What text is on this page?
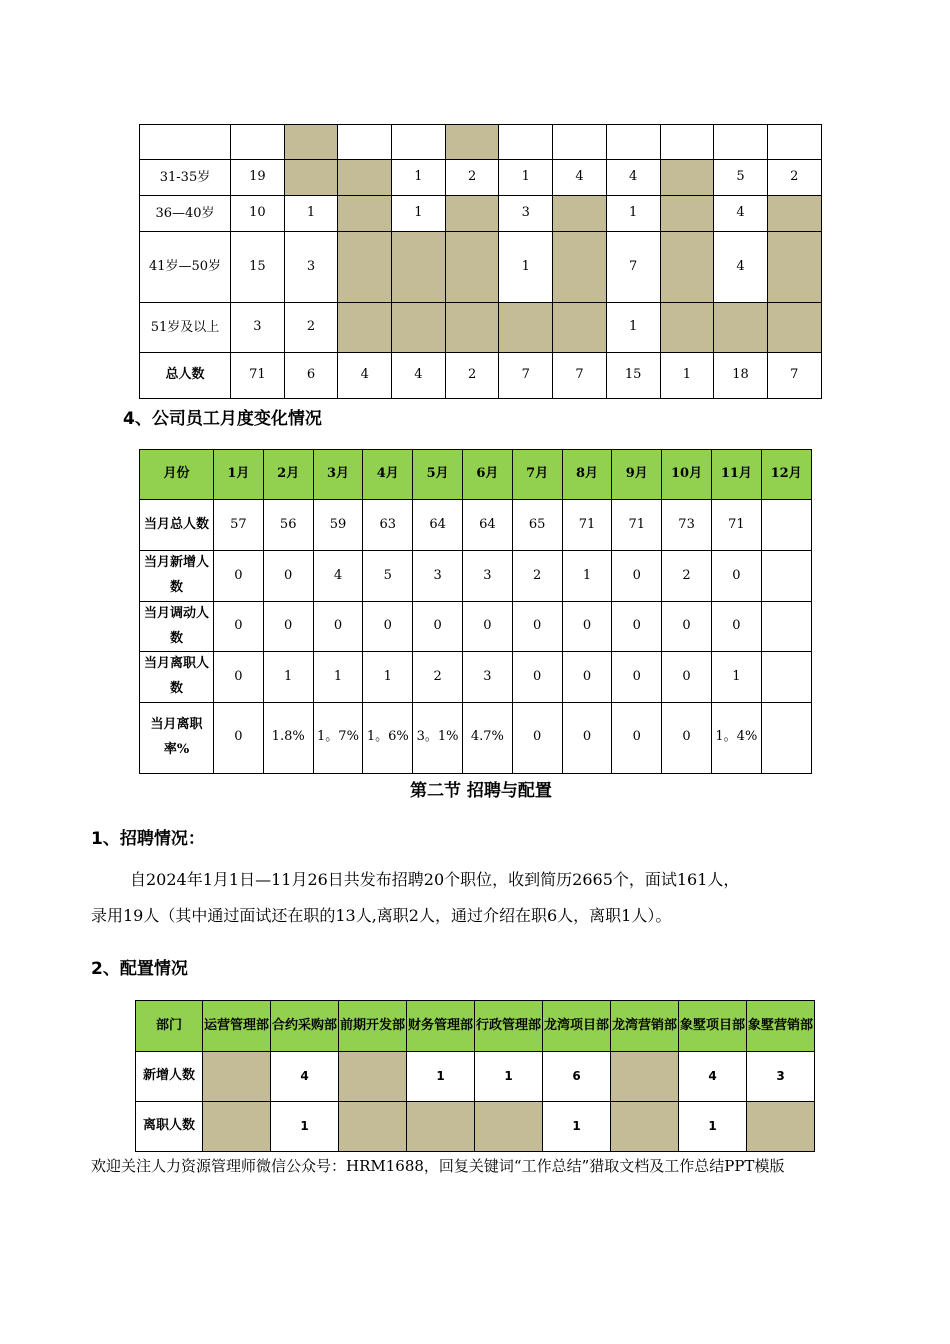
31-35岁	19			1	2	1	4	4		5	2
36—40岁	10	1		1		3		1		4	
41岁—50岁	15	3				1		7		4	
51岁及以上	3	2						1			
总人数	71	6	4	4	2	7	7	15	1	18	7
4、公司员工月度变化情况
月份	1月	2月	3月	4月	5月	6月	7月	8月	9月	10月	11月	12月
当月总人数	57	56	59	63	64	64	65	71	71	73	71	
当月新增人数	0	0	4	5	3	3	2	1	0	2	0	
当月调动人数	0	0	0	0	0	0	0	0	0	0	0	
当月离职人数	0	1	1	1	2	3	0	0	0	0	1	
当月离职率%	0	1.8%	1。7%	1。6%	3。1%	4.7%	0	0	0	0	1。4%	
第二节 招聘与配置
1、招聘情况：
自2024年1月1日—11月26日共发布招聘20个职位，收到简历2665个，面试161人，
录用19人（其中通过面试还在职的13人,离职2人，通过介绍在职6人，离职1人）。
2、配置情况
部门	运营管理部	合约采购部	前期开发部	财务管理部	行政管理部	龙湾项目部	龙湾营销部	象墅项目部	象墅营销部
新增人数		4		1	1	6		4	3
离职人数		1				1		1	
欢迎关注人力资源管理师微信公众号：HRM1688，回复关键词“工作总结”猎取文档及工作总结PPT模版
